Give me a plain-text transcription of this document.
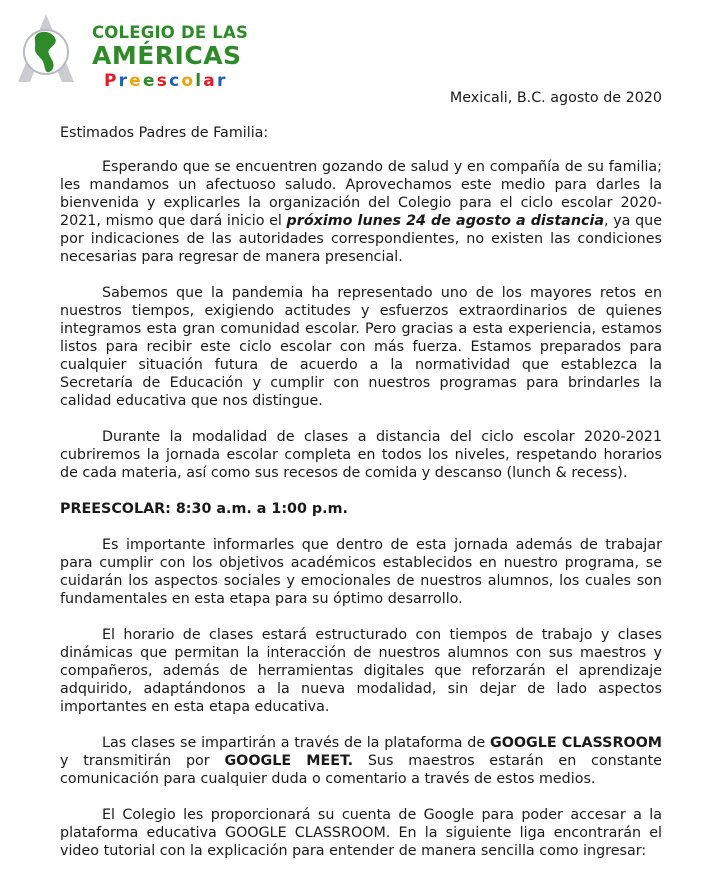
COLEGIO DE LAS
AMÉRICAS
Preescolar
Mexicali, B.C. agosto de 2020

Estimados Padres de Familia:

Esperando que se encuentren gozando de salud y en compañía de su familia; les mandamos un afectuoso saludo. Aprovechamos este medio para darles la bienvenida y explicarles la organización del Colegio para el ciclo escolar 2020-2021, mismo que dará inicio el próximo lunes 24 de agosto a distancia, ya que por indicaciones de las autoridades correspondientes, no existen las condiciones necesarias para regresar de manera presencial.

Sabemos que la pandemia ha representado uno de los mayores retos en nuestros tiempos, exigiendo actitudes y esfuerzos extraordinarios de quienes integramos esta gran comunidad escolar. Pero gracias a esta experiencia, estamos listos para recibir este ciclo escolar con más fuerza. Estamos preparados para cualquier situación futura de acuerdo a la normatividad que establezca la Secretaría de Educación y cumplir con nuestros programas para brindarles la calidad educativa que nos distingue.

Durante la modalidad de clases a distancia del ciclo escolar 2020-2021 cubriremos la jornada escolar completa en todos los niveles, respetando horarios de cada materia, así como sus recesos de comida y descanso (lunch & recess).

PREESCOLAR: 8:30 a.m. a 1:00 p.m.

Es importante informarles que dentro de esta jornada además de trabajar para cumplir con los objetivos académicos establecidos en nuestro programa, se cuidarán los aspectos sociales y emocionales de nuestros alumnos, los cuales son fundamentales en esta etapa para su óptimo desarrollo.

El horario de clases estará estructurado con tiempos de trabajo y clases dinámicas que permitan la interacción de nuestros alumnos con sus maestros y compañeros, además de herramientas digitales que reforzarán el aprendizaje adquirido, adaptándonos a la nueva modalidad, sin dejar de lado aspectos importantes en esta etapa educativa.

Las clases se impartirán a través de la plataforma de GOOGLE CLASSROOM y transmitirán por GOOGLE MEET. Sus maestros estarán en constante comunicación para cualquier duda o comentario a través de estos medios.

El Colegio les proporcionará su cuenta de Google para poder accesar a la plataforma educativa GOOGLE CLASSROOM. En la siguiente liga encontrarán el video tutorial con la explicación para entender de manera sencilla como ingresar:
